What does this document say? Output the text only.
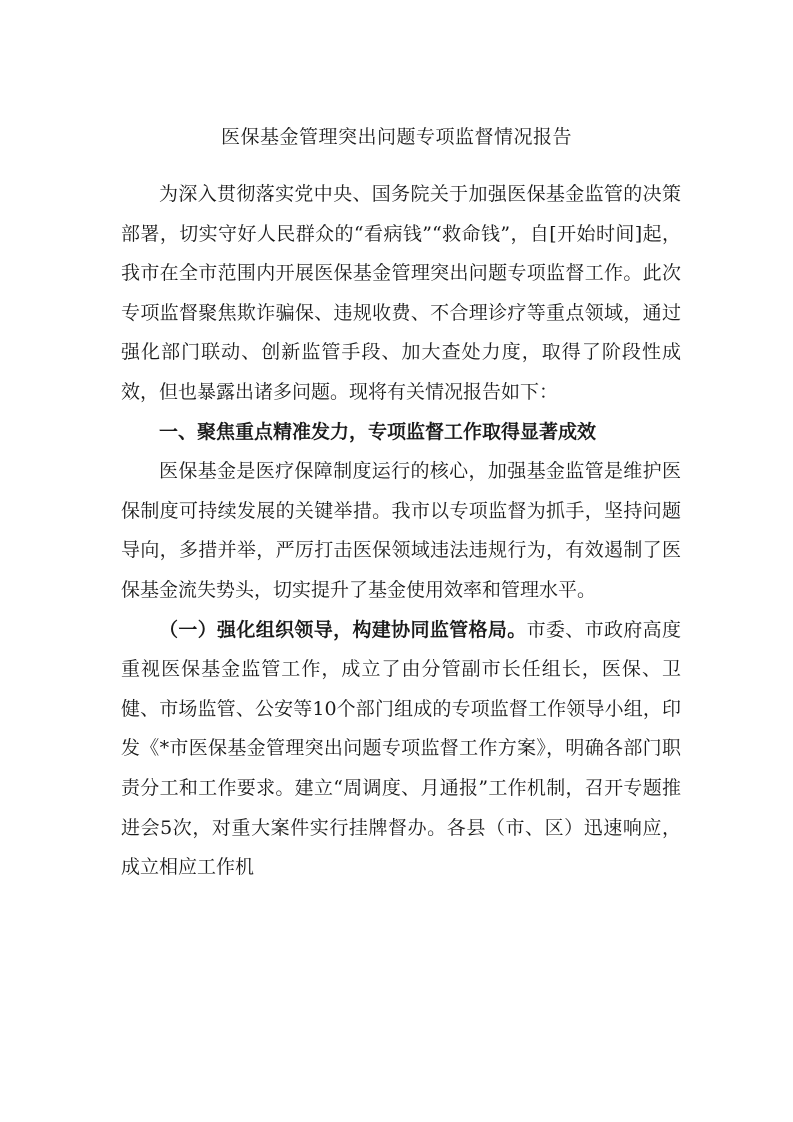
医保基金管理突出问题专项监督情况报告

为深入贯彻落实党中央、国务院关于加强医保基金监管的决策部署，切实守好人民群众的“看病钱”“救命钱”，自[开始时间]起，我市在全市范围内开展医保基金管理突出问题专项监督工作。此次专项监督聚焦欺诈骗保、违规收费、不合理诊疗等重点领域，通过强化部门联动、创新监管手段、加大查处力度，取得了阶段性成效，但也暴露出诸多问题。现将有关情况报告如下：

一、聚焦重点精准发力，专项监督工作取得显著成效

医保基金是医疗保障制度运行的核心，加强基金监管是维护医保制度可持续发展的关键举措。我市以专项监督为抓手，坚持问题导向，多措并举，严厉打击医保领域违法违规行为，有效遏制了医保基金流失势头，切实提升了基金使用效率和管理水平。

（一）强化组织领导，构建协同监管格局。市委、市政府高度重视医保基金监管工作，成立了由分管副市长任组长，医保、卫健、市场监管、公安等10个部门组成的专项监督工作领导小组，印发《*市医保基金管理突出问题专项监督工作方案》，明确各部门职责分工和工作要求。建立“周调度、月通报”工作机制，召开专题推进会5次，对重大案件实行挂牌督办。各县（市、区）迅速响应，成立相应工作机
